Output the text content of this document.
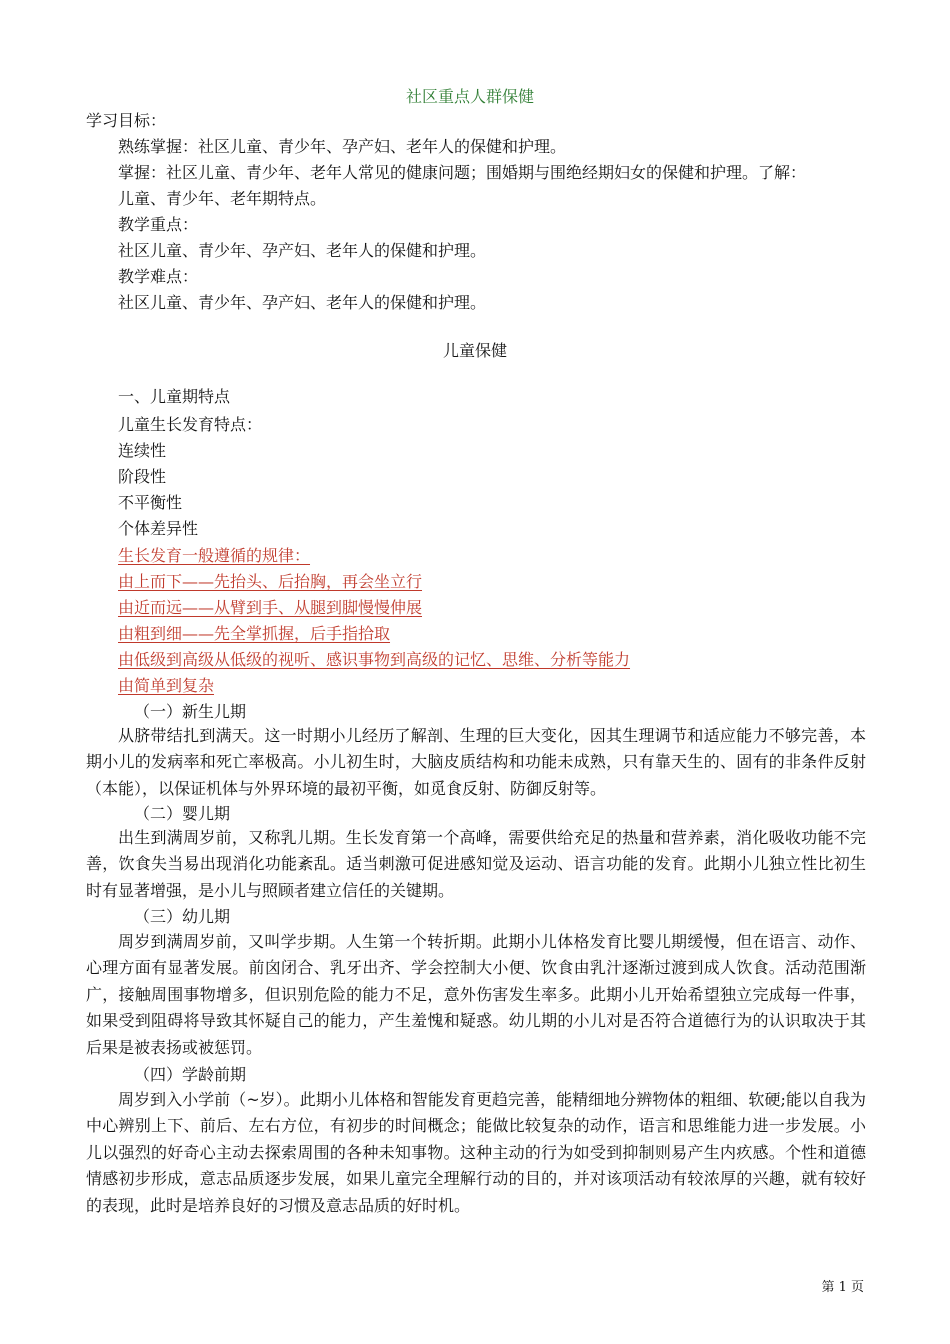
社区重点人群保健
学习目标：
熟练掌握：社区儿童、青少年、孕产妇、老年人的保健和护理。
掌握：社区儿童、青少年、老年人常见的健康问题；围婚期与围绝经期妇女的保健和护理。了解：
儿童、青少年、老年期特点。
教学重点：
社区儿童、青少年、孕产妇、老年人的保健和护理。
教学难点：
社区儿童、青少年、孕产妇、老年人的保健和护理。
儿童保健
一、儿童期特点
儿童生长发育特点：
连续性
阶段性
不平衡性
个体差异性
生长发育一般遵循的规律：
由上而下——先抬头、后抬胸，再会坐立行
由近而远——从臂到手、从腿到脚慢慢伸展
由粗到细——先全掌抓握，后手指拾取
由低级到高级从低级的视听、感识事物到高级的记忆、思维、分析等能力
由简单到复杂
（一）新生儿期
从脐带结扎到满天。这一时期小儿经历了解剖、生理的巨大变化，因其生理调节和适应能力不够完善，本期小儿的发病率和死亡率极高。小儿初生时，大脑皮质结构和功能未成熟，只有靠天生的、固有的非条件反射（本能），以保证机体与外界环境的最初平衡，如觅食反射、防御反射等。
（二）婴儿期
出生到满周岁前，又称乳儿期。生长发育第一个高峰，需要供给充足的热量和营养素，消化吸收功能不完善，饮食失当易出现消化功能紊乱。适当刺激可促进感知觉及运动、语言功能的发育。此期小儿独立性比初生时有显著增强，是小儿与照顾者建立信任的关键期。
（三）幼儿期
周岁到满周岁前，又叫学步期。人生第一个转折期。此期小儿体格发育比婴儿期缓慢，但在语言、动作、心理方面有显著发展。前囟闭合、乳牙出齐、学会控制大小便、饮食由乳汁逐渐过渡到成人饮食。活动范围渐广，接触周围事物增多，但识别危险的能力不足，意外伤害发生率多。此期小儿开始希望独立完成每一件事，如果受到阻碍将导致其怀疑自己的能力，产生羞愧和疑惑。幼儿期的小儿对是否符合道德行为的认识取决于其后果是被表扬或被惩罚。
（四）学龄前期
周岁到入小学前（~岁）。此期小儿体格和智能发育更趋完善，能精细地分辨物体的粗细、软硬;能以自我为中心辨别上下、前后、左右方位，有初步的时间概念；能做比较复杂的动作，语言和思维能力进一步发展。小儿以强烈的好奇心主动去探索周围的各种未知事物。这种主动的行为如受到抑制则易产生内疚感。个性和道德情感初步形成，意志品质逐步发展，如果儿童完全理解行动的目的，并对该项活动有较浓厚的兴趣，就有较好的表现，此时是培养良好的习惯及意志品质的好时机。
第 1 页
